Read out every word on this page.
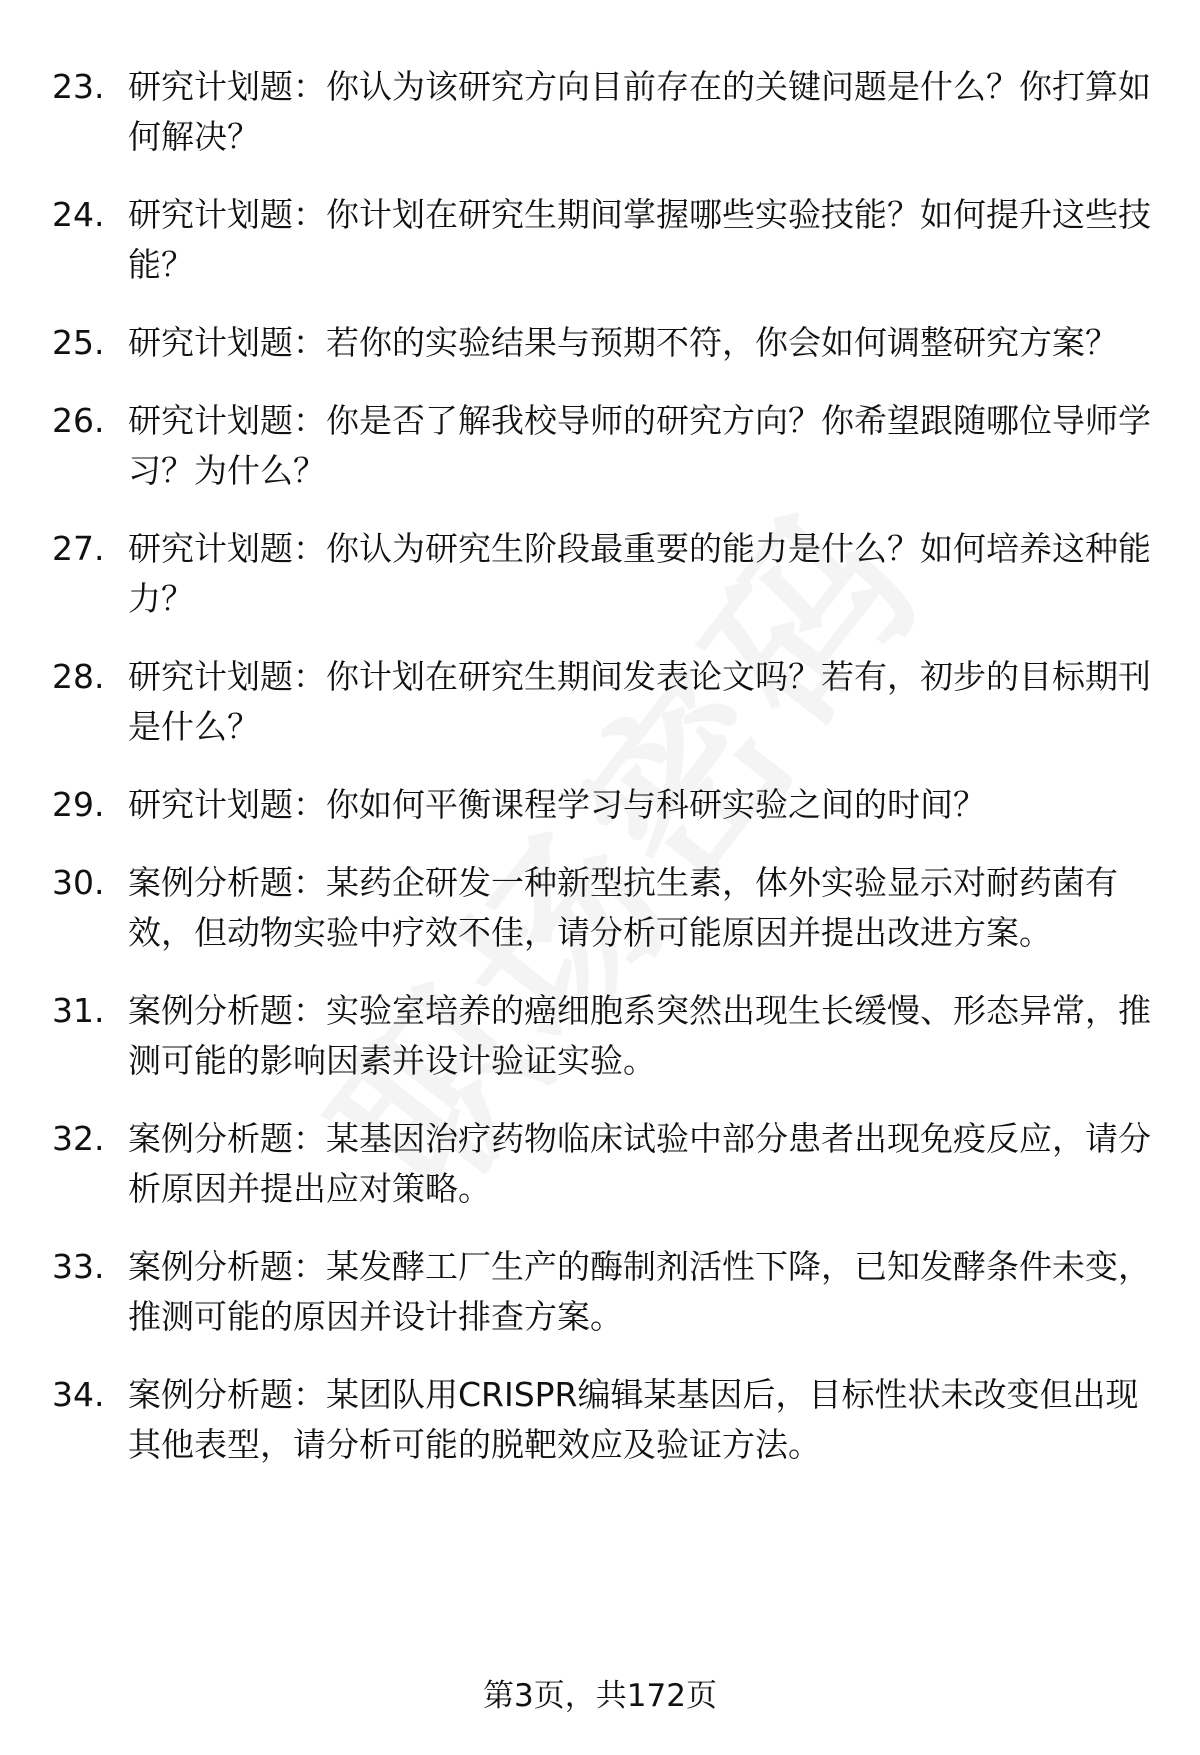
23. 研究计划题：你认为该研究方向目前存在的关键问题是什么？你打算如何解决？
24. 研究计划题：你计划在研究生期间掌握哪些实验技能？如何提升这些技能？
25. 研究计划题：若你的实验结果与预期不符，你会如何调整研究方案？
26. 研究计划题：你是否了解我校导师的研究方向？你希望跟随哪位导师学习？为什么？
27. 研究计划题：你认为研究生阶段最重要的能力是什么？如何培养这种能力？
28. 研究计划题：你计划在研究生期间发表论文吗？若有，初步的目标期刊是什么？
29. 研究计划题：你如何平衡课程学习与科研实验之间的时间？
30. 案例分析题：某药企研发一种新型抗生素，体外实验显示对耐药菌有效，但动物实验中疗效不佳，请分析可能原因并提出改进方案。
31. 案例分析题：实验室培养的癌细胞系突然出现生长缓慢、形态异常，推测可能的影响因素并设计验证实验。
32. 案例分析题：某基因治疗药物临床试验中部分患者出现免疫反应，请分析原因并提出应对策略。
33. 案例分析题：某发酵工厂生产的酶制剂活性下降，已知发酵条件未变，推测可能的原因并设计排查方案。
34. 案例分析题：某团队用CRISPR编辑某基因后，目标性状未改变但出现其他表型，请分析可能的脱靶效应及验证方法。
第3页，共172页
